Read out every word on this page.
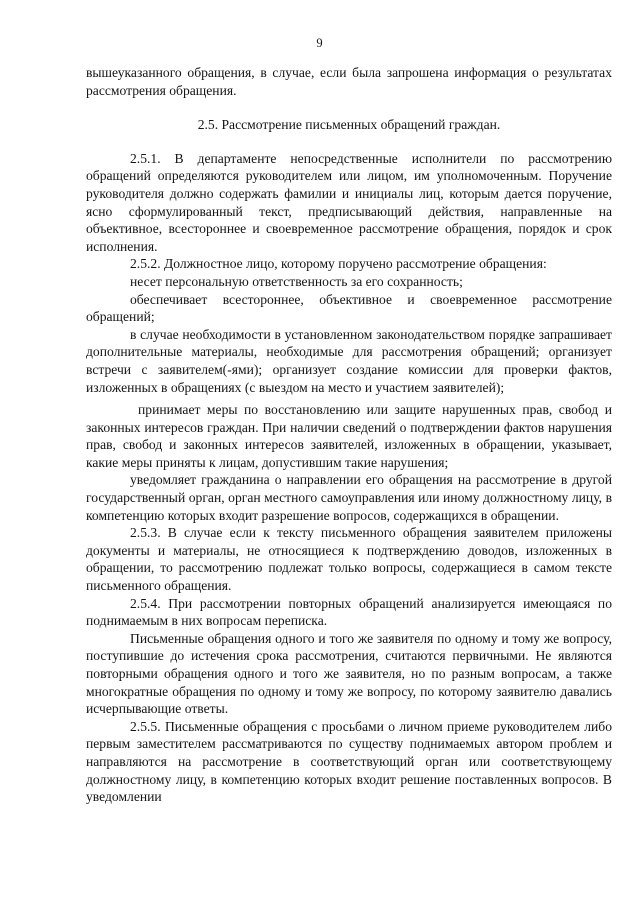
9

вышеуказанного обращения, в случае, если была запрошена информация о результатах рассмотрения обращения.

2.5. Рассмотрение письменных обращений граждан.

2.5.1. В департаменте непосредственные исполнители по рассмотрению обращений определяются руководителем или лицом, им уполномоченным. Поручение руководителя должно содержать фамилии и инициалы лиц, которым дается поручение, ясно сформулированный текст, предписывающий действия, направленные на объективное, всестороннее и своевременное рассмотрение обращения, порядок и срок исполнения.

2.5.2. Должностное лицо, которому поручено рассмотрение обращения:

несет персональную ответственность за его сохранность;

обеспечивает всестороннее, объективное и своевременное рассмотрение обращений;

в случае необходимости в установленном законодательством порядке запрашивает дополнительные материалы, необходимые для рассмотрения обращений; организует встречи с заявителем(-ями); организует создание комиссии для проверки фактов, изложенных в обращениях (с выездом на место и участием заявителей);

принимает меры по восстановлению или защите нарушенных прав, свобод и законных интересов граждан. При наличии сведений о подтверждении фактов нарушения прав, свобод и законных интересов заявителей, изложенных в обращении, указывает, какие меры приняты к лицам, допустившим такие нарушения;

уведомляет гражданина о направлении его обращения на рассмотрение в другой государственный орган, орган местного самоуправления или иному должностному лицу, в компетенцию которых входит разрешение вопросов, содержащихся в обращении.

2.5.3. В случае если к тексту письменного обращения заявителем приложены документы и материалы, не относящиеся к подтверждению доводов, изложенных в обращении, то рассмотрению подлежат только вопросы, содержащиеся в самом тексте письменного обращения.

2.5.4. При рассмотрении повторных обращений анализируется имеющаяся по поднимаемым в них вопросам переписка.

Письменные обращения одного и того же заявителя по одному и тому же вопросу, поступившие до истечения срока рассмотрения, считаются первичными. Не являются повторными обращения одного и того же заявителя, но по разным вопросам, а также многократные обращения по одному и тому же вопросу, по которому заявителю давались исчерпывающие ответы.

2.5.5. Письменные обращения с просьбами о личном приеме руководителем либо первым заместителем рассматриваются по существу поднимаемых автором проблем и направляются на рассмотрение в соответствующий орган или соответствующему должностному лицу, в компетенцию которых входит решение поставленных вопросов. В уведомлении
